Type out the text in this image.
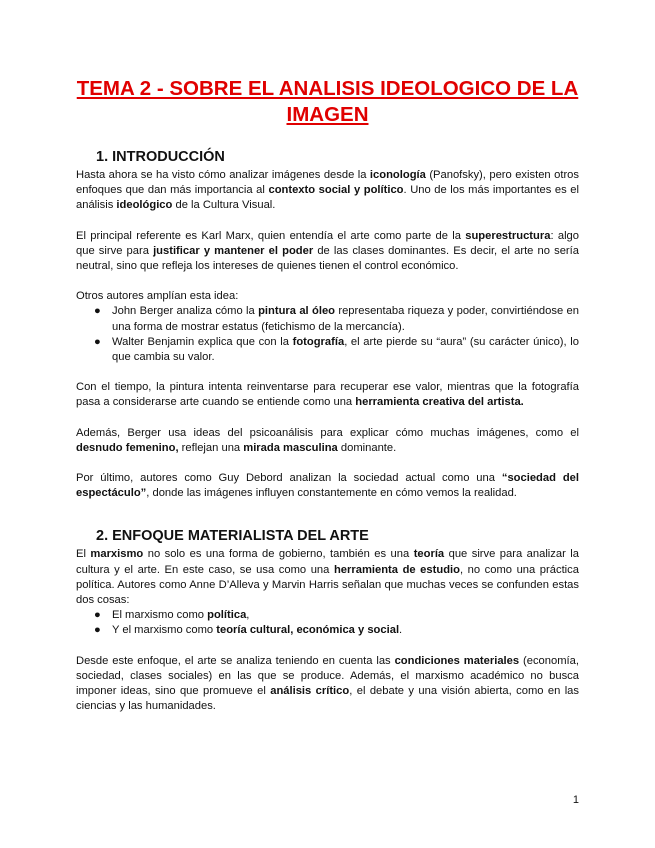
TEMA 2 - SOBRE EL ANALISIS IDEOLOGICO DE LA IMAGEN
1. INTRODUCCIÓN

Hasta ahora se ha visto cómo analizar imágenes desde la iconología (Panofsky), pero existen otros enfoques que dan más importancia al contexto social y político. Uno de los más importantes es el análisis ideológico de la Cultura Visual.

El principal referente es Karl Marx, quien entendía el arte como parte de la superestructura: algo que sirve para justificar y mantener el poder de las clases dominantes. Es decir, el arte no sería neutral, sino que refleja los intereses de quienes tienen el control económico.

Otros autores amplían esta idea:

● John Berger analiza cómo la pintura al óleo representaba riqueza y poder, convirtiéndose en una forma de mostrar estatus (fetichismo de la mercancía).
● Walter Benjamin explica que con la fotografía, el arte pierde su “aura” (su carácter único), lo que cambia su valor.

Con el tiempo, la pintura intenta reinventarse para recuperar ese valor, mientras que la fotografía pasa a considerarse arte cuando se entiende como una herramienta creativa del artista.

Además, Berger usa ideas del psicoanálisis para explicar cómo muchas imágenes, como el desnudo femenino, reflejan una mirada masculina dominante.

Por último, autores como Guy Debord analizan la sociedad actual como una “sociedad del espectáculo”, donde las imágenes influyen constantemente en cómo vemos la realidad.

2. ENFOQUE MATERIALISTA DEL ARTE

El marxismo no solo es una forma de gobierno, también es una teoría que sirve para analizar la cultura y el arte. En este caso, se usa como una herramienta de estudio, no como una práctica política. Autores como Anne D’Alleva y Marvin Harris señalan que muchas veces se confunden estas dos cosas:

● El marxismo como política,
● Y el marxismo como teoría cultural, económica y social.

Desde este enfoque, el arte se analiza teniendo en cuenta las condiciones materiales (economía, sociedad, clases sociales) en las que se produce. Además, el marxismo académico no busca imponer ideas, sino que promueve el análisis crítico, el debate y una visión abierta, como en las ciencias y las humanidades.

1
